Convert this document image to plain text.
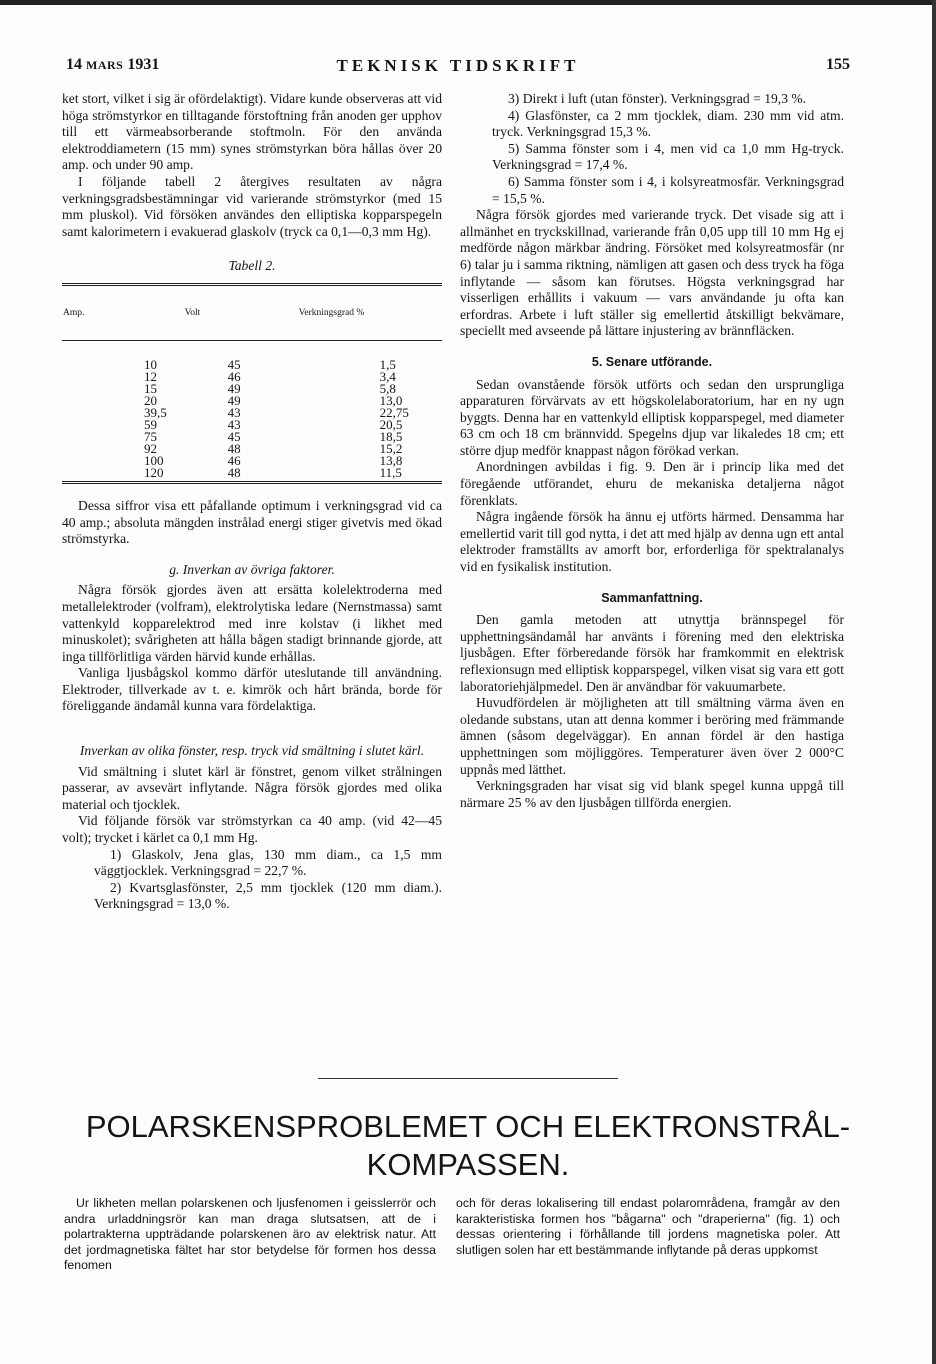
14 MARS 1931	TEKNISK TIDSKRIFT	155

ket stort, vilket i sig är ofördelaktigt). Vidare kunde observeras att vid höga strömstyrkor en tilltagande förstoftning från anoden ger upphov till ett värmeabsorberande stoftmoln. För den använda elektroddiametern (15 mm) synes strömstyrkan böra hållas över 20 amp. och under 90 amp.

I följande tabell 2 återgives resultaten av några verkningsgradsbestämningar vid varierande strömstyrkor (med 15 mm pluskol). Vid försöken användes den elliptiska kopparspegeln samt kalorimetern i evakuerad glaskolv (tryck ca 0,1—0,3 mm Hg).

Tabell 2.
Amp.	Volt	Verkningsgrad %
10	45	1,5
12	46	3,4
15	49	5,8
20	49	13,0
39,5	43	22,75
59	43	20,5
75	45	18,5
92	48	15,2
100	46	13,8
120	48	11,5

Dessa siffror visa ett påfallande optimum i verkningsgrad vid ca 40 amp.; absoluta mängden instrålad energi stiger givetvis med ökad strömstyrka.

g. Inverkan av övriga faktorer.

Några försök gjordes även att ersätta kolelektroderna med metallelektroder (volfram), elektrolytiska ledare (Nernstmassa) samt vattenkyld kopparelektrod med inre kolstav (i likhet med minuskolet); svårigheten att hålla bågen stadigt brinnande gjorde, att inga tillförlitliga värden härvid kunde erhållas.

Vanliga ljusbågskol kommo därför uteslutande till användning. Elektroder, tillverkade av t. e. kimrök och hårt brända, borde för föreliggande ändamål kunna vara fördelaktiga.

Inverkan av olika fönster, resp. tryck vid smältning i slutet kärl.

Vid smältning i slutet kärl är fönstret, genom vilket strålningen passerar, av avsevärt inflytande. Några försök gjordes med olika material och tjocklek.

Vid följande försök var strömstyrkan ca 40 amp. (vid 42—45 volt); trycket i kärlet ca 0,1 mm Hg.

1) Glaskolv, Jena glas, 130 mm diam., ca 1,5 mm väggtjocklek. Verkningsgrad = 22,7 %.

2) Kvartsglasfönster, 2,5 mm tjocklek (120 mm diam.). Verkningsgrad = 13,0 %.

3) Direkt i luft (utan fönster). Verkningsgrad = 19,3 %.

4) Glasfönster, ca 2 mm tjocklek, diam. 230 mm vid atm. tryck. Verkningsgrad 15,3 %.

5) Samma fönster som i 4, men vid ca 1,0 mm Hg-tryck. Verkningsgrad = 17,4 %.

6) Samma fönster som i 4, i kolsyreatmosfär. Verkningsgrad = 15,5 %.

Några försök gjordes med varierande tryck. Det visade sig att i allmänhet en tryckskillnad, varierande från 0,05 upp till 10 mm Hg ej medförde någon märkbar ändring. Försöket med kolsyreatmosfär (nr 6) talar ju i samma riktning, nämligen att gasen och dess tryck ha föga inflytande — såsom kan förutses. Högsta verkningsgrad har visserligen erhållits i vakuum — vars användande ju ofta kan erfordras. Arbete i luft ställer sig emellertid åtskilligt bekvämare, speciellt med avseende på lättare injustering av brännfläcken.

5. Senare utförande.

Sedan ovanstående försök utförts och sedan den ursprungliga apparaturen förvärvats av ett högskolelaboratorium, har en ny ugn byggts. Denna har en vattenkyld elliptisk kopparspegel, med diameter 63 cm och 18 cm brännvidd. Spegelns djup var likaledes 18 cm; ett större djup medför knappast någon förökad verkan.

Anordningen avbildas i fig. 9. Den är i princip lika med det föregående utförandet, ehuru de mekaniska detaljerna något förenklats.

Några ingående försök ha ännu ej utförts härmed. Densamma har emellertid varit till god nytta, i det att med hjälp av denna ugn ett antal elektroder framställts av amorft bor, erforderliga för spektralanalys vid en fysikalisk institution.

Sammanfattning.

Den gamla metoden att utnyttja brännspegel för upphettningsändamål har använts i förening med den elektriska ljusbågen. Efter förberedande försök har framkommit en elektrisk reflexionsugn med elliptisk kopparspegel, vilken visat sig vara ett gott laboratoriehjälpmedel. Den är användbar för vakuumarbete.

Huvudfördelen är möjligheten att till smältning värma även en oledande substans, utan att denna kommer i beröring med främmande ämnen (såsom degelväggar). En annan fördel är den hastiga upphettningen som möjliggöres. Temperaturer även över 2 000°C uppnås med lätthet.

Verkningsgraden har visat sig vid blank spegel kunna uppgå till närmare 25 % av den ljusbågen tillförda energien.

POLARSKENSPROBLEMET OCH ELEKTRONSTRÅL-
KOMPASSEN.

Ur likheten mellan polarskenen och ljusfenomen i geisslerrör och andra urladdningsrör kan man draga slutsatsen, att de i polartrakterna uppträdande polarskenen äro av elektrisk natur. Att det jordmagnetiska fältet har stor betydelse för formen hos dessa fenomen

och för deras lokalisering till endast polarområdena, framgår av den karakteristiska formen hos "bågarna" och "draperierna" (fig. 1) och dessas orientering i förhållande till jordens magnetiska poler. Att slutligen solen har ett bestämmande inflytande på deras uppkomst
